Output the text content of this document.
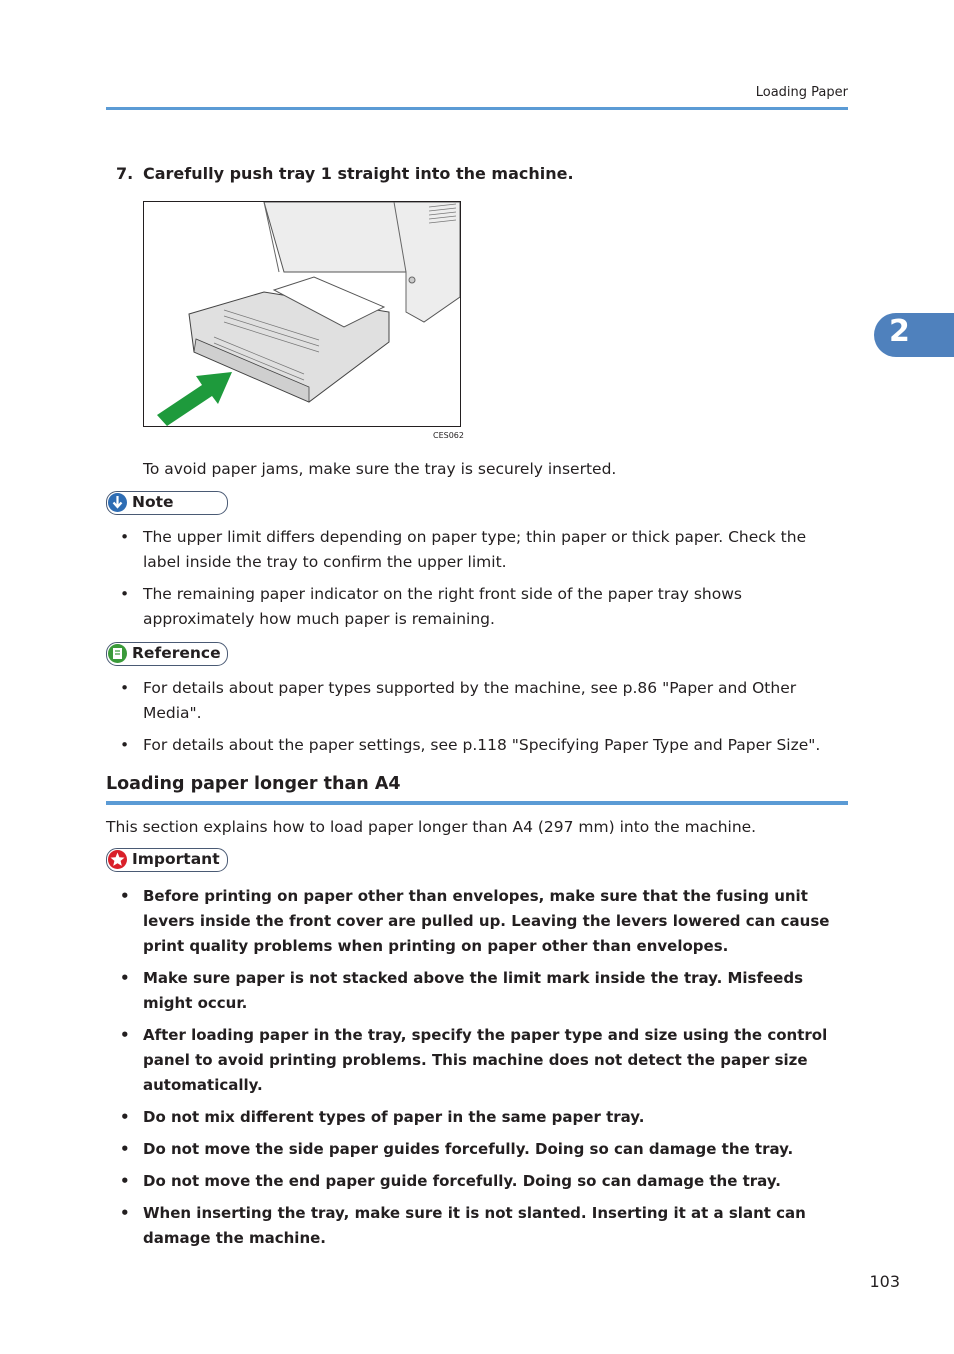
Loading Paper
2
7. Carefully push tray 1 straight into the machine.
CES062
To avoid paper jams, make sure the tray is securely inserted.
Note
• The upper limit differs depending on paper type; thin paper or thick paper. Check the label inside the tray to confirm the upper limit.
• The remaining paper indicator on the right front side of the paper tray shows approximately how much paper is remaining.
Reference
• For details about paper types supported by the machine, see p.86 "Paper and Other Media".
• For details about the paper settings, see p.118 "Specifying Paper Type and Paper Size".
Loading paper longer than A4
This section explains how to load paper longer than A4 (297 mm) into the machine.
Important
• Before printing on paper other than envelopes, make sure that the fusing unit levers inside the front cover are pulled up. Leaving the levers lowered can cause print quality problems when printing on paper other than envelopes.
• Make sure paper is not stacked above the limit mark inside the tray. Misfeeds might occur.
• After loading paper in the tray, specify the paper type and size using the control panel to avoid printing problems. This machine does not detect the paper size automatically.
• Do not mix different types of paper in the same paper tray.
• Do not move the side paper guides forcefully. Doing so can damage the tray.
• Do not move the end paper guide forcefully. Doing so can damage the tray.
• When inserting the tray, make sure it is not slanted. Inserting it at a slant can damage the machine.
103
